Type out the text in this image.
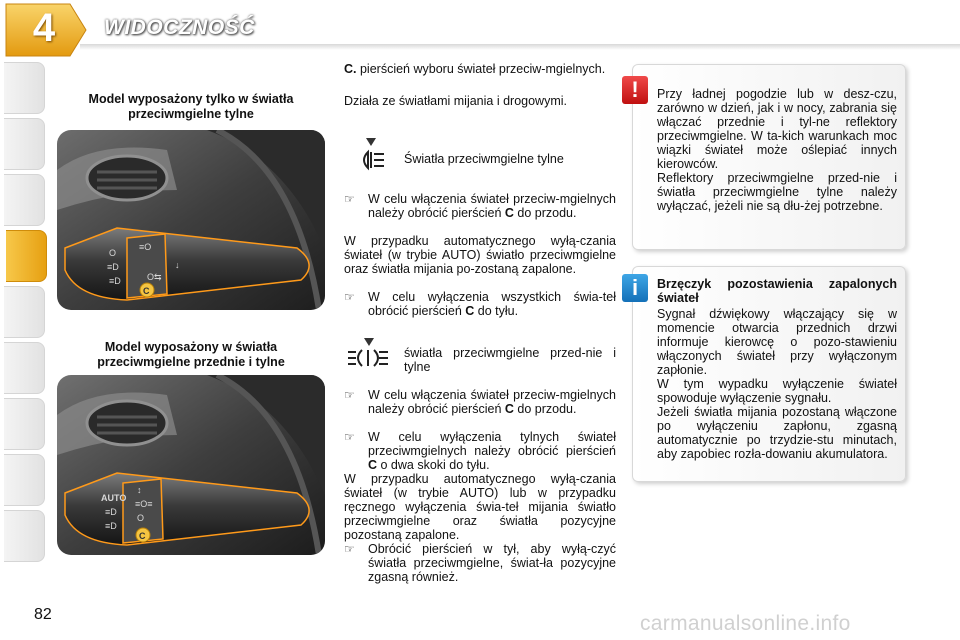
4	WIDOCZNOŚĆ
Model wyposażony tylko w światła przeciwmgielne tylne
O
≡D
≡D
≡O
↓
O⇆
C
Model wyposażony w światła przeciwmgielne przednie i tylne
AUTO
≡D
≡D
↕
≡O≡
O
C
C. pierścień wyboru świateł przeciw-mgielnych.
Działa ze światłami mijania i drogowymi.
Światła przeciwmgielne tylne
☞	W celu włączenia świateł przeciw-mgielnych należy obrócić pierścień C do przodu.
W przypadku automatycznego wyłą-czania świateł (w trybie AUTO) światło przeciwmgielne oraz światła mijania po-zostaną zapalone.
☞	W celu wyłączenia wszystkich świa-teł obrócić pierścień C do tyłu.
światła przeciwmgielne przed-nie i tylne
☞	W celu włączenia świateł przeciw-mgielnych należy obrócić pierścień C do przodu.
☞	W celu wyłączenia tylnych świateł przeciwmgielnych należy obrócić pierścień C o dwa skoki do tyłu.
W przypadku automatycznego wyłą-czania świateł (w trybie AUTO) lub w przypadku ręcznego wyłączenia świa-teł mijania światło przeciwmgielne oraz światła pozycyjne pozostaną zapalone.
☞	Obrócić pierścień w tył, aby wyłą-czyć światła przeciwmgielne, świat-ła pozycyjne zgasną również.
Przy ładnej pogodzie lub w desz-czu, zarówno w dzień, jak i w nocy, zabrania się włączać przednie i tyl-ne reflektory przeciwmgielne. W ta-kich warunkach moc wiązki świateł może oślepiać innych kierowców.
Reflektory przeciwmgielne przed-nie i światła przeciwmgielne tylne należy wyłączać, jeżeli nie są dłu-żej potrzebne.
!
Brzęczyk pozostawienia zapalonych świateł
Sygnał dźwiękowy włączający się w momencie otwarcia przednich drzwi informuje kierowcę o pozo-stawieniu włączonych świateł przy wyłączonym zapłonie.
W tym wypadku wyłączenie świateł spowoduje wyłączenie sygnału.
Jeżeli światła mijania pozostaną włączone po wyłączeniu zapłonu, zgasną automatycznie po trzydzie-stu minutach, aby zapobiec rozła-dowaniu akumulatora.
i
82	carmanualsonline.info
